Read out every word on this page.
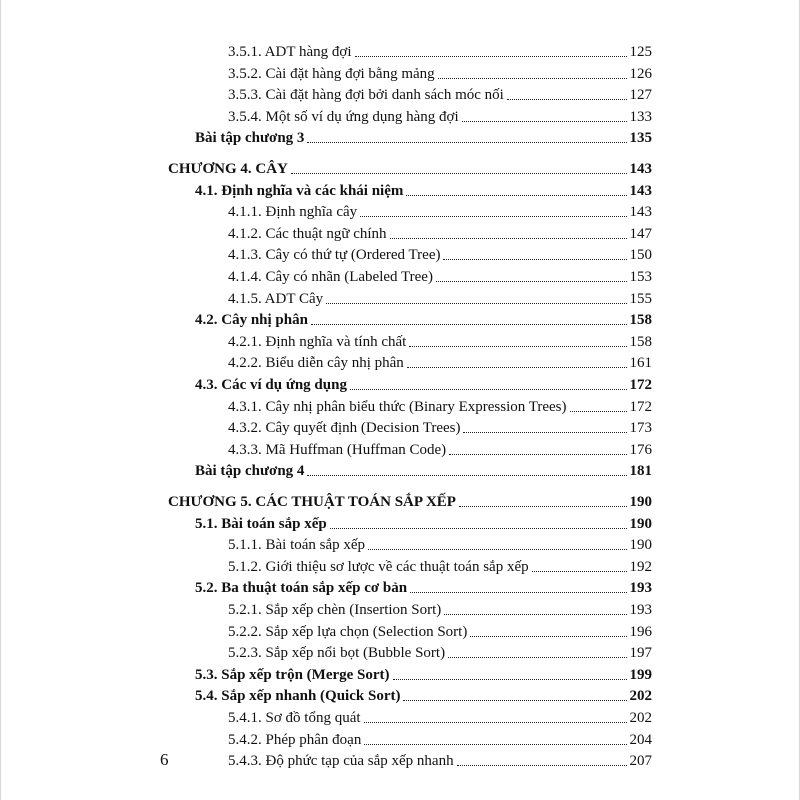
3.5.1. ADT hàng đợi	125
3.5.2. Cài đặt hàng đợi bằng mảng	126
3.5.3. Cài đặt hàng đợi bởi danh sách móc nối	127
3.5.4. Một số ví dụ ứng dụng hàng đợi	133
Bài tập chương 3	135
CHƯƠNG 4. CÂY	143
4.1. Định nghĩa và các khái niệm	143
4.1.1. Định nghĩa cây	143
4.1.2. Các thuật ngữ chính	147
4.1.3. Cây có thứ tự (Ordered Tree)	150
4.1.4. Cây có nhãn (Labeled Tree)	153
4.1.5. ADT Cây	155
4.2. Cây nhị phân	158
4.2.1. Định nghĩa và tính chất	158
4.2.2. Biểu diễn cây nhị phân	161
4.3. Các ví dụ ứng dụng	172
4.3.1. Cây nhị phân biểu thức (Binary Expression Trees)	172
4.3.2. Cây quyết định (Decision Trees)	173
4.3.3. Mã Huffman (Huffman Code)	176
Bài tập chương 4	181
CHƯƠNG 5. CÁC THUẬT TOÁN SẮP XẾP	190
5.1. Bài toán sắp xếp	190
5.1.1. Bài toán sắp xếp	190
5.1.2. Giới thiệu sơ lược về các thuật toán sắp xếp	192
5.2. Ba thuật toán sắp xếp cơ bản	193
5.2.1. Sắp xếp chèn (Insertion Sort)	193
5.2.2. Sắp xếp lựa chọn (Selection Sort)	196
5.2.3. Sắp xếp nổi bọt (Bubble Sort)	197
5.3. Sắp xếp trộn (Merge Sort)	199
5.4. Sắp xếp nhanh (Quick Sort)	202
5.4.1. Sơ đồ tổng quát	202
5.4.2. Phép phân đoạn	204
5.4.3. Độ phức tạp của sắp xếp nhanh	207
6
